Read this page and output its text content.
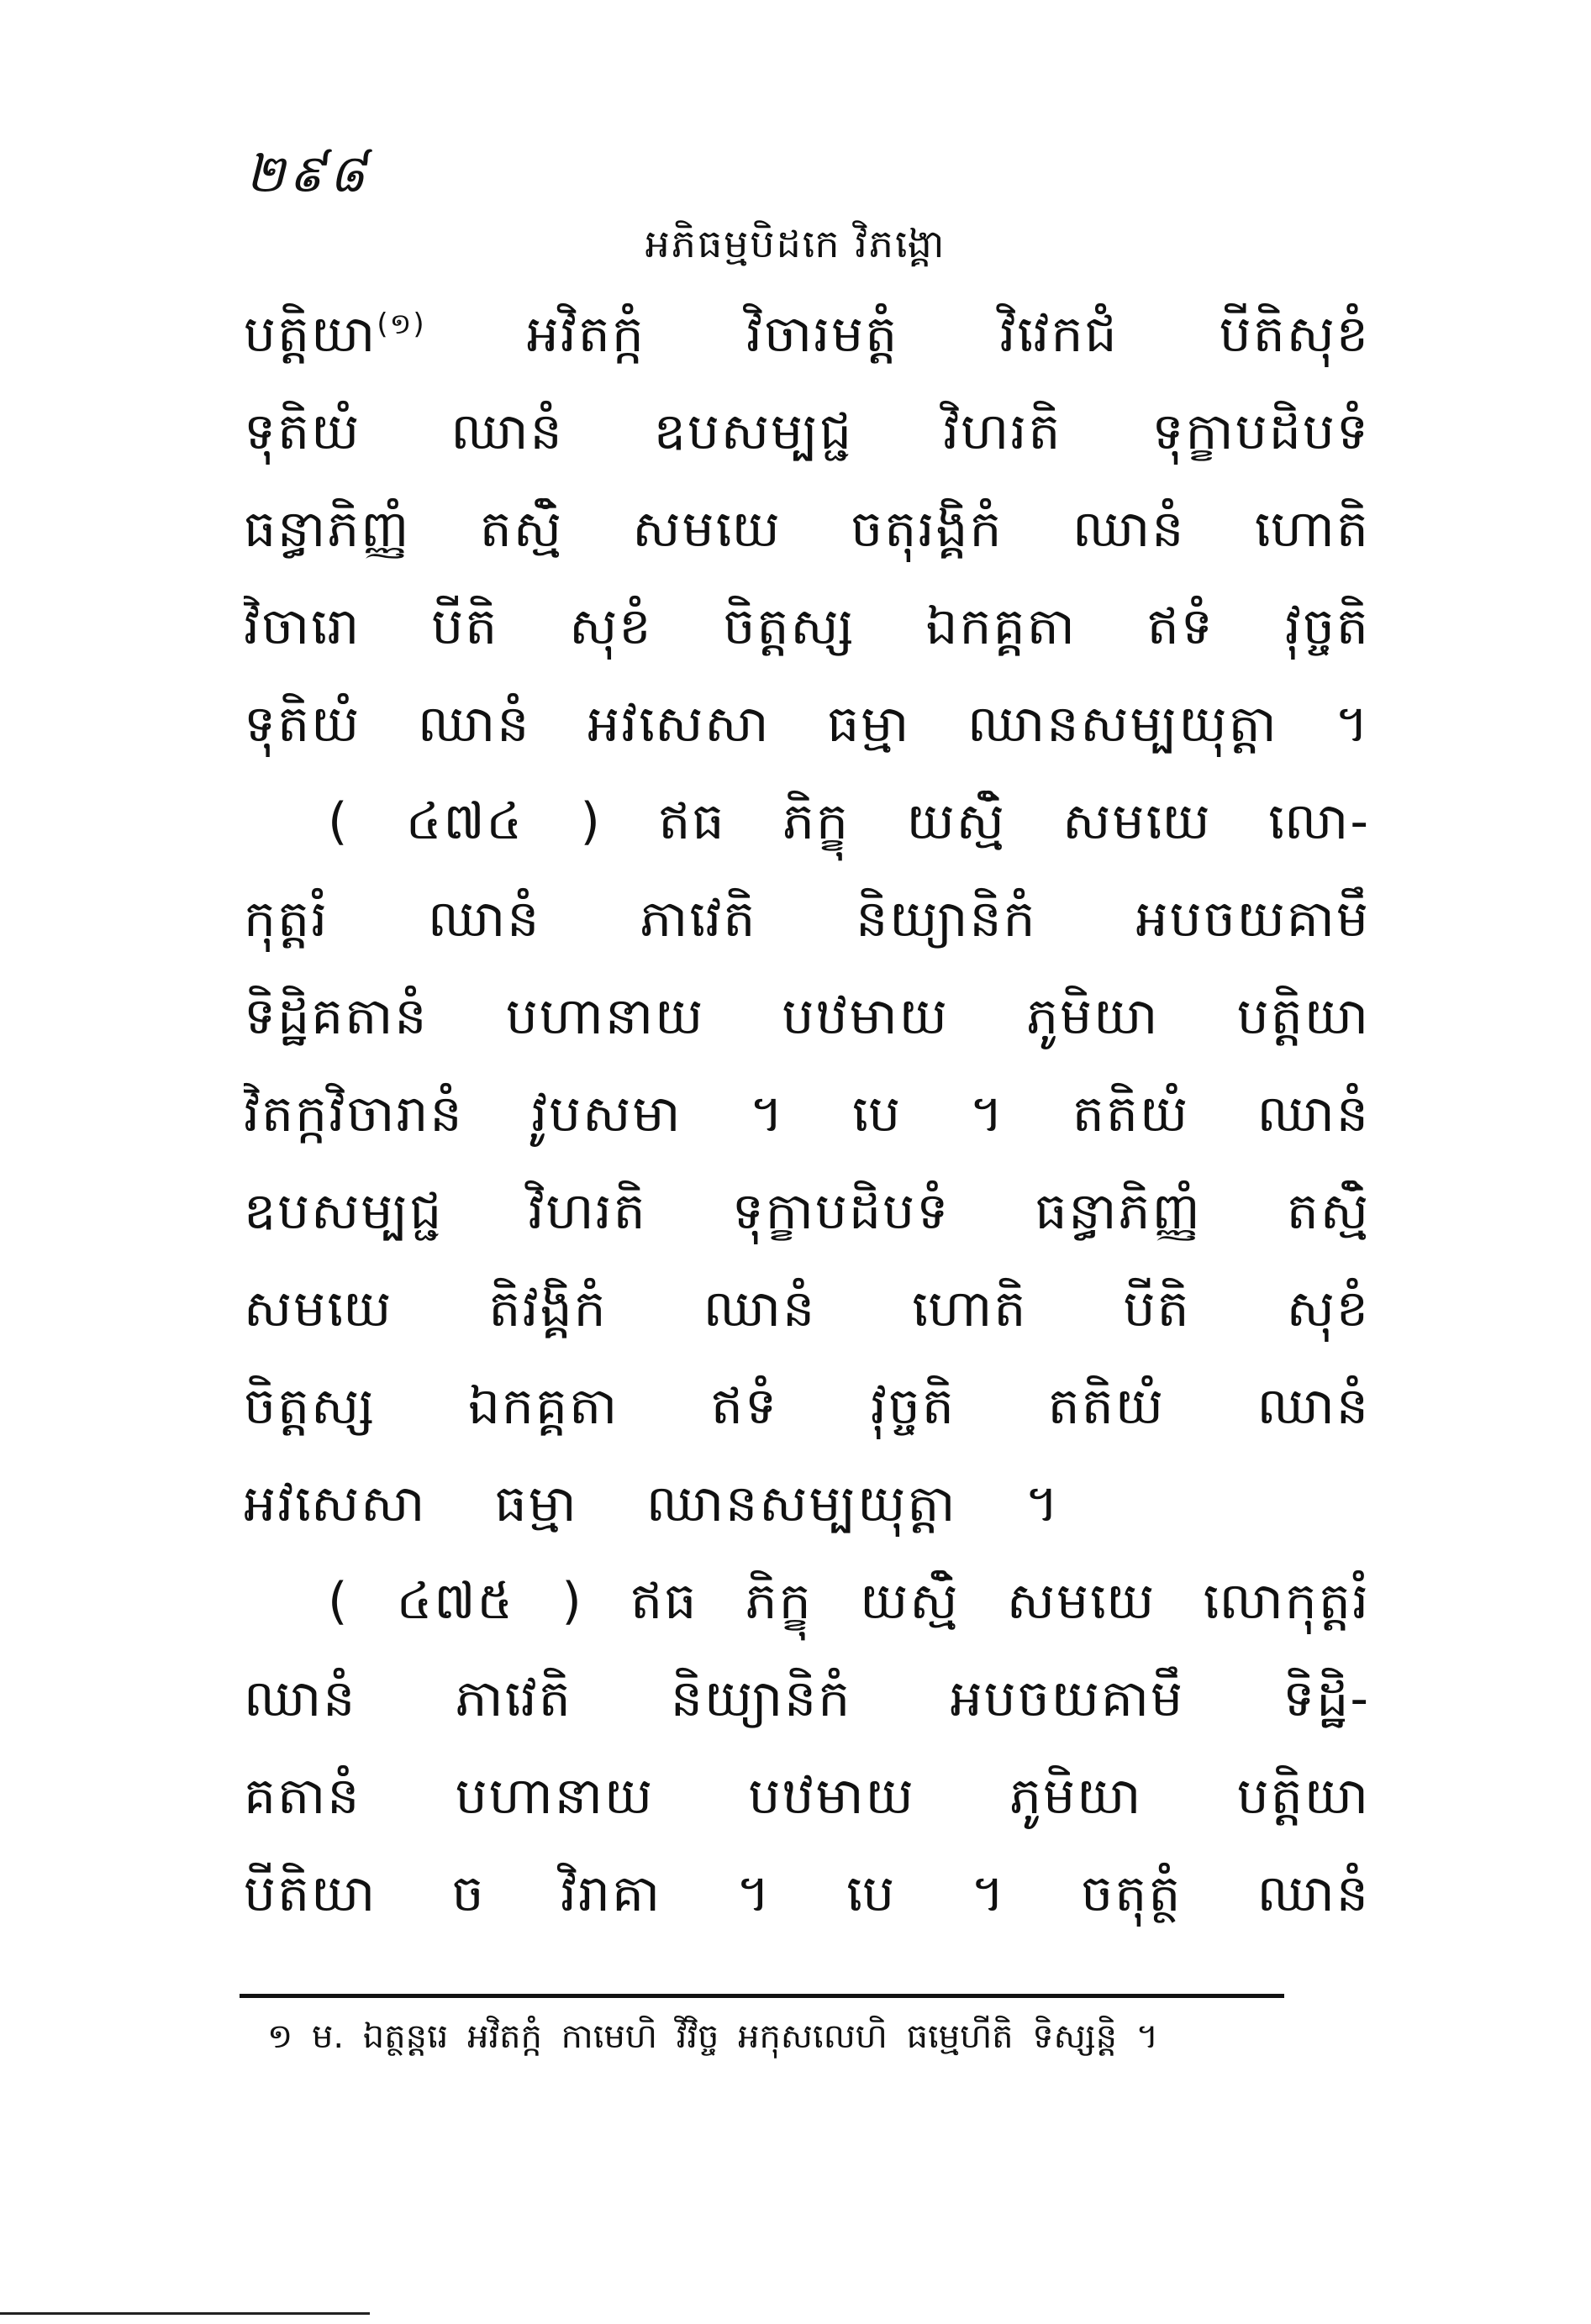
២៩៨
អភិធម្មបិដកេ វិភង្គោ
បត្តិយា$^{(១)}$ អវិតក្កំ វិចារមត្តំ វិវេកជំ បីតិសុខំ
ទុតិយំ ឈានំ ឧបសម្បជ្ជ វិហរតិ ទុក្ខាបដិបទំ
ធន្ធាភិញ្ញំ តស្មិំ សមយេ ចតុរង្គិកំ ឈានំ ហោតិ
វិចារោ បីតិ សុខំ ចិត្តស្ស ឯកគ្គតា ឥទំ វុច្ចតិ
ទុតិយំ ឈានំ អវសេសា ធម្មា ឈានសម្បយុត្តា ។
( ៤៧៤ ) ឥធ ភិក្ខុ យស្មិំ សមយេ លោ-
កុត្តរំ ឈានំ ភាវេតិ និយ្យានិកំ អបចយគាមឹ
ទិដ្ឋិគតានំ បហានាយ បឋមាយ ភូមិយា បត្តិយា
វិតក្កវិចារានំ វូបសមា ។ បេ ។ តតិយំ ឈានំ
ឧបសម្បជ្ជ វិហរតិ ទុក្ខាបដិបទំ ធន្ធាភិញ្ញំ តស្មិំ
សមយេ តិវង្គិកំ ឈានំ ហោតិ បីតិ សុខំ
ចិត្តស្ស ឯកគ្គតា ឥទំ វុច្ចតិ តតិយំ ឈានំ
អវសេសា ធម្មា ឈានសម្បយុត្តា ។
( ៤៧៥ ) ឥធ ភិក្ខុ យស្មិំ សមយេ លោកុត្តរំ
ឈានំ ភាវេតិ និយ្យានិកំ អបចយគាមឹ ទិដ្ឋិ-
គតានំ បហានាយ បឋមាយ ភូមិយា បត្តិយា
បីតិយា ច វិរាគា ។ បេ ។ ចតុត្ថំ ឈានំ
១ ម. ឯត្ថន្តរេ អវិតក្កំ កាមេហិ វិវិច្ច អកុសលេហិ ធម្មេហីតិ ទិស្សន្តិ ។
